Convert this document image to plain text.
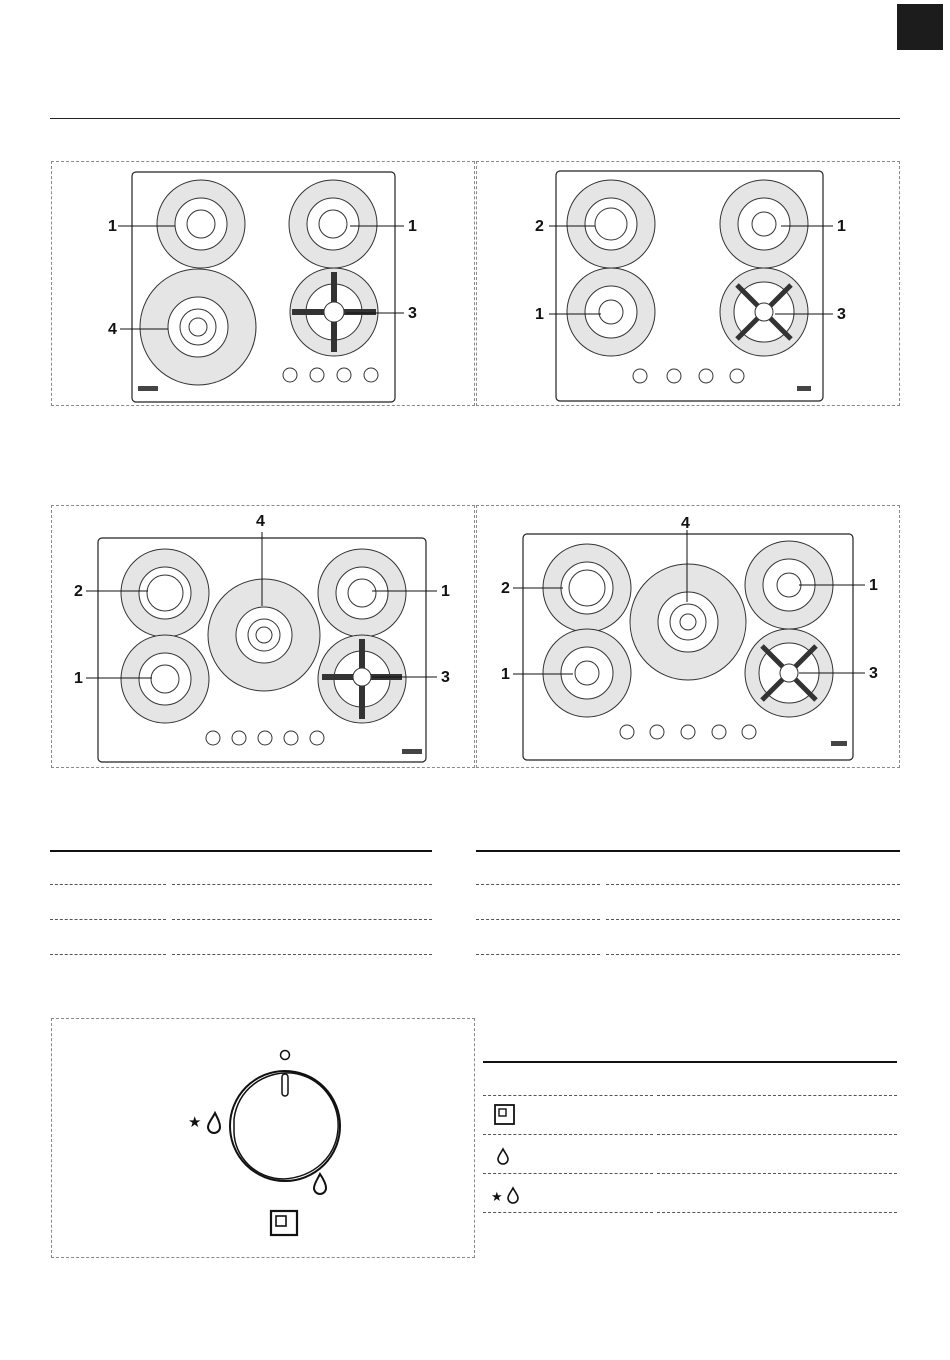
1	1
4
3
2	1
1	3
4
2
1
1
3
4
2
1
1
3
★
★
